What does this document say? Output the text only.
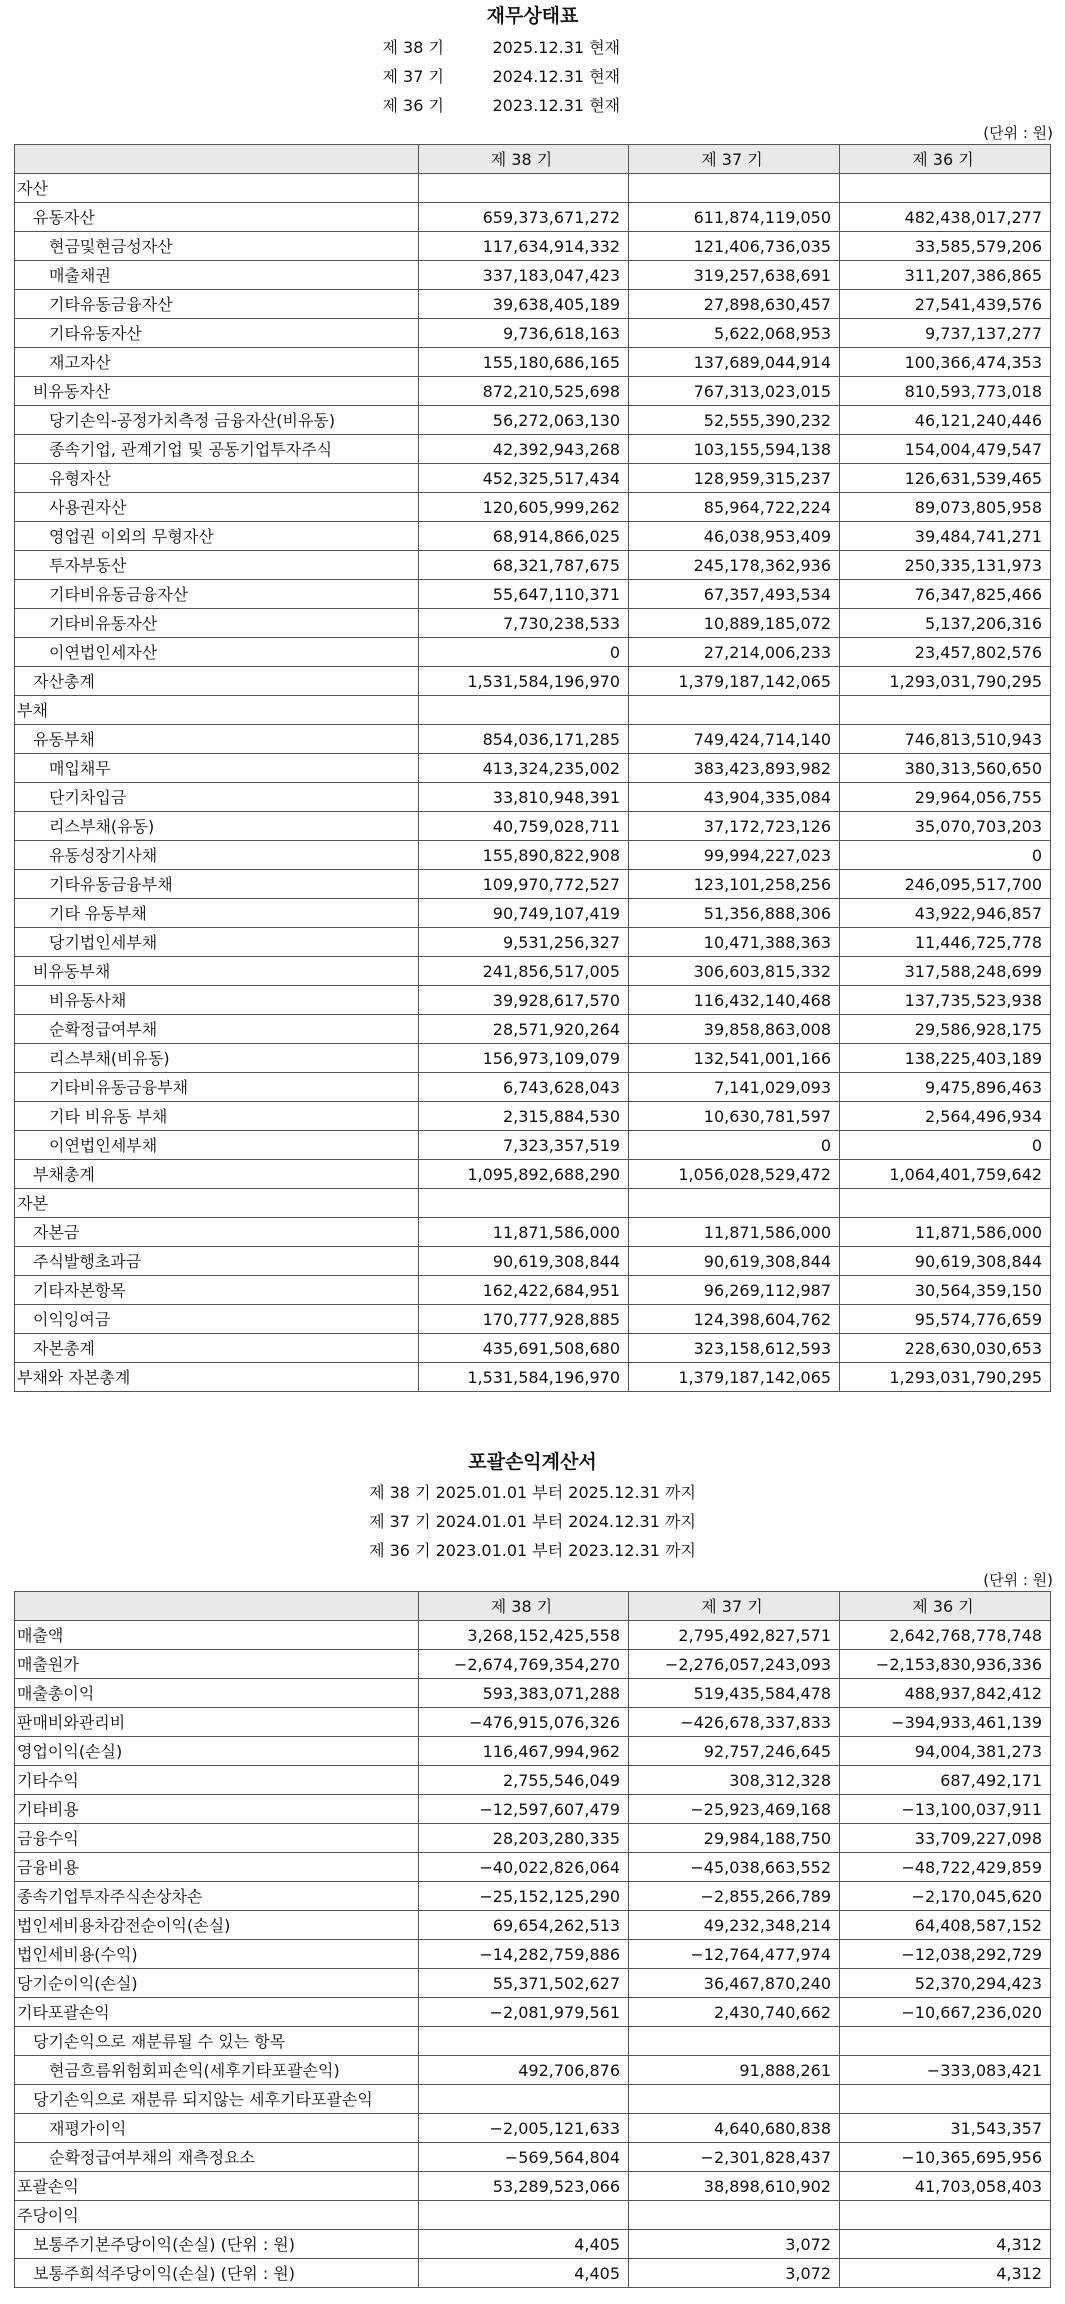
재무상태표
제 38 기	2025.12.31 현재
제 37 기	2024.12.31 현재
제 36 기	2023.12.31 현재
(단위 : 원)
	제 38 기	제 37 기	제 36 기
자산			
유동자산	659,373,671,272	611,874,119,050	482,438,017,277
현금및현금성자산	117,634,914,332	121,406,736,035	33,585,579,206
매출채권	337,183,047,423	319,257,638,691	311,207,386,865
기타유동금융자산	39,638,405,189	27,898,630,457	27,541,439,576
기타유동자산	9,736,618,163	5,622,068,953	9,737,137,277
재고자산	155,180,686,165	137,689,044,914	100,366,474,353
비유동자산	872,210,525,698	767,313,023,015	810,593,773,018
당기손익-공정가치측정 금융자산(비유동)	56,272,063,130	52,555,390,232	46,121,240,446
종속기업, 관계기업 및 공동기업투자주식	42,392,943,268	103,155,594,138	154,004,479,547
유형자산	452,325,517,434	128,959,315,237	126,631,539,465
사용권자산	120,605,999,262	85,964,722,224	89,073,805,958
영업권 이외의 무형자산	68,914,866,025	46,038,953,409	39,484,741,271
투자부동산	68,321,787,675	245,178,362,936	250,335,131,973
기타비유동금융자산	55,647,110,371	67,357,493,534	76,347,825,466
기타비유동자산	7,730,238,533	10,889,185,072	5,137,206,316
이연법인세자산	0	27,214,006,233	23,457,802,576
자산총계	1,531,584,196,970	1,379,187,142,065	1,293,031,790,295
부채			
유동부채	854,036,171,285	749,424,714,140	746,813,510,943
매입채무	413,324,235,002	383,423,893,982	380,313,560,650
단기차입금	33,810,948,391	43,904,335,084	29,964,056,755
리스부채(유동)	40,759,028,711	37,172,723,126	35,070,703,203
유동성장기사채	155,890,822,908	99,994,227,023	0
기타유동금융부채	109,970,772,527	123,101,258,256	246,095,517,700
기타 유동부채	90,749,107,419	51,356,888,306	43,922,946,857
당기법인세부채	9,531,256,327	10,471,388,363	11,446,725,778
비유동부채	241,856,517,005	306,603,815,332	317,588,248,699
비유동사채	39,928,617,570	116,432,140,468	137,735,523,938
순확정급여부채	28,571,920,264	39,858,863,008	29,586,928,175
리스부채(비유동)	156,973,109,079	132,541,001,166	138,225,403,189
기타비유동금융부채	6,743,628,043	7,141,029,093	9,475,896,463
기타 비유동 부채	2,315,884,530	10,630,781,597	2,564,496,934
이연법인세부채	7,323,357,519	0	0
부채총계	1,095,892,688,290	1,056,028,529,472	1,064,401,759,642
자본			
자본금	11,871,586,000	11,871,586,000	11,871,586,000
주식발행초과금	90,619,308,844	90,619,308,844	90,619,308,844
기타자본항목	162,422,684,951	96,269,112,987	30,564,359,150
이익잉여금	170,777,928,885	124,398,604,762	95,574,776,659
자본총계	435,691,508,680	323,158,612,593	228,630,030,653
부채와 자본총계	1,531,584,196,970	1,379,187,142,065	1,293,031,790,295
포괄손익계산서
제 38 기 2025.01.01 부터 2025.12.31 까지
제 37 기 2024.01.01 부터 2024.12.31 까지
제 36 기 2023.01.01 부터 2023.12.31 까지
(단위 : 원)
	제 38 기	제 37 기	제 36 기
매출액	3,268,152,425,558	2,795,492,827,571	2,642,768,778,748
매출원가	−2,674,769,354,270	−2,276,057,243,093	−2,153,830,936,336
매출총이익	593,383,071,288	519,435,584,478	488,937,842,412
판매비와관리비	−476,915,076,326	−426,678,337,833	−394,933,461,139
영업이익(손실)	116,467,994,962	92,757,246,645	94,004,381,273
기타수익	2,755,546,049	308,312,328	687,492,171
기타비용	−12,597,607,479	−25,923,469,168	−13,100,037,911
금융수익	28,203,280,335	29,984,188,750	33,709,227,098
금융비용	−40,022,826,064	−45,038,663,552	−48,722,429,859
종속기업투자주식손상차손	−25,152,125,290	−2,855,266,789	−2,170,045,620
법인세비용차감전순이익(손실)	69,654,262,513	49,232,348,214	64,408,587,152
법인세비용(수익)	−14,282,759,886	−12,764,477,974	−12,038,292,729
당기순이익(손실)	55,371,502,627	36,467,870,240	52,370,294,423
기타포괄손익	−2,081,979,561	2,430,740,662	−10,667,236,020
당기손익으로 재분류될 수 있는 항목			
현금흐름위험회피손익(세후기타포괄손익)	492,706,876	91,888,261	−333,083,421
당기손익으로 재분류 되지않는 세후기타포괄손익			
재평가이익	−2,005,121,633	4,640,680,838	31,543,357
순확정급여부채의 재측정요소	−569,564,804	−2,301,828,437	−10,365,695,956
포괄손익	53,289,523,066	38,898,610,902	41,703,058,403
주당이익			
보통주기본주당이익(손실) (단위 : 원)	4,405	3,072	4,312
보통주희석주당이익(손실) (단위 : 원)	4,405	3,072	4,312
